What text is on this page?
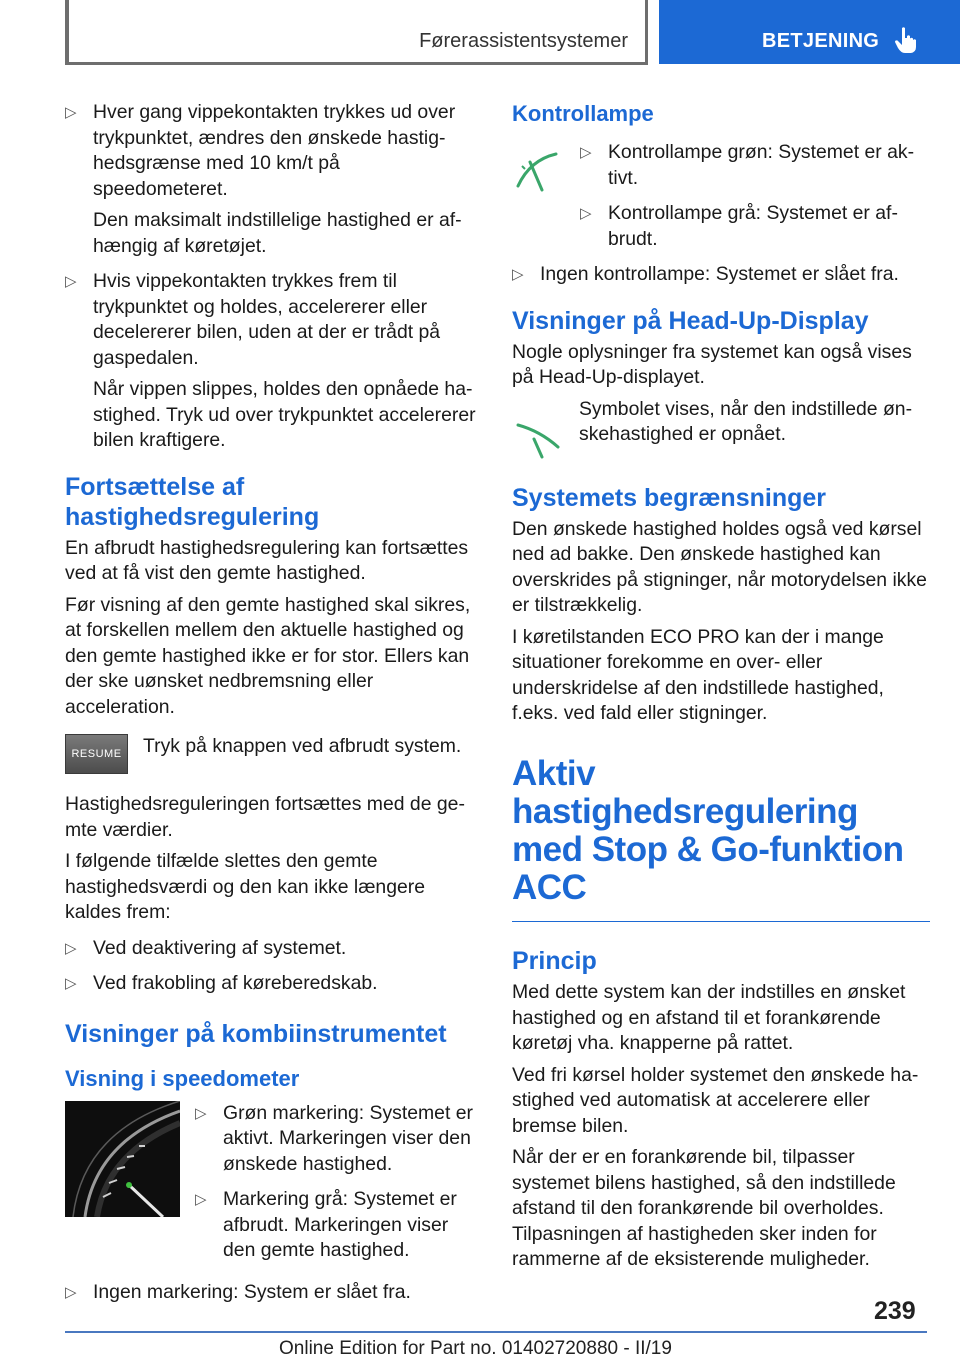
Førerassistentsystemer	BETJENING
▷ Hver gang vippekontakten trykkes ud over trykpunktet, ændres den ønskede hastighedsgrænse med 10 km/t på speedometeret.
Den maksimalt indstillelige hastighed er afhængig af køretøjet.
▷ Hvis vippekontakten trykkes frem til trykpunktet og holdes, accelererer eller decelererer bilen, uden at der er trådt på gaspedalen.
Når vippen slippes, holdes den opnåede hastighed. Tryk ud over trykpunktet accelererer bilen kraftigere.
Fortsættelse af hastighedsregulering

En afbrudt hastighedsregulering kan fortsættes ved at få vist den gemte hastighed.

Før visning af den gemte hastighed skal sikres, at forskellen mellem den aktuelle hastighed og den gemte hastighed ikke er for stor. Ellers kan der ske uønsket nedbremsning eller acceleration.

RESUME	Tryk på knappen ved afbrudt system.

Hastighedsreguleringen fortsættes med de gemte værdier.

I følgende tilfælde slettes den gemte hastighedsværdi og den kan ikke længere kaldes frem:

▷ Ved deaktivering af systemet.
▷ Ved frakobling af køreberedskab.
Visninger på kombiinstrumentet
Visning i speedometer
▷ Grøn markering: Systemet er aktivt. Markeringen viser den ønskede hastighed.
▷ Markering grå: Systemet er afbrudt. Markeringen viser den gemte hastighed.
▷ Ingen markering: System er slået fra.
Kontrollampe
▷ Kontrollampe grøn: Systemet er aktivt.
▷ Kontrollampe grå: Systemet er afbrudt.
▷ Ingen kontrollampe: Systemet er slået fra.
Visninger på Head-Up-Display

Nogle oplysninger fra systemet kan også vises på Head-Up-displayet.

Symbolet vises, når den indstillede ønskehastighed er opnået.
Systemets begrænsninger

Den ønskede hastighed holdes også ved kørsel ned ad bakke. Den ønskede hastighed kan overskrides på stigninger, når motorydelsen ikke er tilstrækkelig.

I køretilstanden ECO PRO kan der i mange situationer forekomme en over- eller underskridelse af den indstillede hastighed, f.eks. ved fald eller stigninger.

Aktiv hastighedsregulering med Stop & Go-funktion ACC
Princip

Med dette system kan der indstilles en ønsket hastighed og en afstand til et forankørende køretøj vha. knapperne på rattet.

Ved fri kørsel holder systemet den ønskede hastighed ved automatisk at accelerere eller bremse bilen.

Når der er en forankørende bil, tilpasser systemet bilens hastighed, så den indstillede afstand til den forankørende bil overholdes. Tilpasningen af hastigheden sker inden for rammerne af de eksisterende muligheder.

239
Online Edition for Part no. 01402720880 - II/19
